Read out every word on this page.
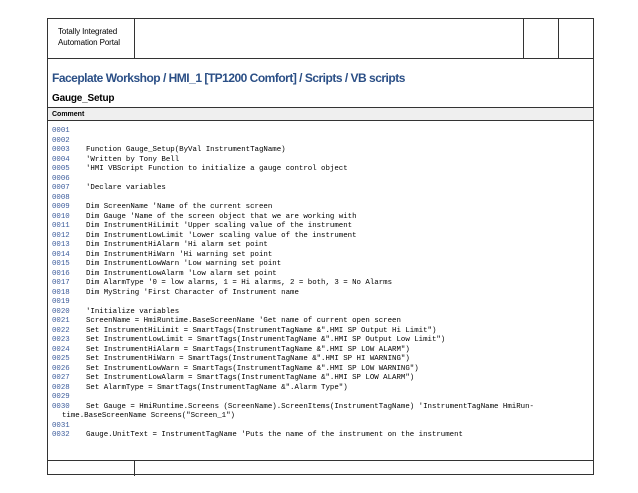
Totally Integrated
Automation Portal
Faceplate Workshop / HMI_1 [TP1200 Comfort] / Scripts / VB scripts
Gauge_Setup
Comment
0001
0002
0003 Function Gauge_Setup(ByVal InstrumentTagName)
0004 'Written by Tony Bell
0005 'HMI VBScript Function to initialize a gauge control object
0006
0007 'Declare variables
0008
0009 Dim ScreenName 'Name of the current screen
0010 Dim Gauge 'Name of the screen object that we are working with
0011 Dim InstrumentHiLimit 'Upper scaling value of the instrument
0012 Dim InstrumentLowLimit 'Lower scaling value of the instrument
0013 Dim InstrumentHiAlarm 'Hi alarm set point
0014 Dim InstrumentHiWarn 'Hi warning set point
0015 Dim InstrumentLowWarn 'Low warning set point
0016 Dim InstrumentLowAlarm 'Low alarm set point
0017 Dim AlarmType '0 = low alarms, 1 = Hi alarms, 2 = both, 3 = No Alarms
0018 Dim MyString 'First Character of Instrument name
0019
0020 'Initialize variables
0021 ScreenName = HmiRuntime.BaseScreenName 'Get name of current open screen
0022 Set InstrumentHiLimit = SmartTags(InstrumentTagName &".HMI SP Output Hi Limit")
0023 Set InstrumentLowLimit = SmartTags(InstrumentTagName &".HMI SP Output Low Limit")
0024 Set InstrumentHiAlarm = SmartTags(InstrumentTagName &".HMI SP LOW ALARM")
0025 Set InstrumentHiWarn = SmartTags(InstrumentTagName &".HMI SP HI WARNING")
0026 Set InstrumentLowWarn = SmartTags(InstrumentTagName &".HMI SP LOW WARNING")
0027 Set InstrumentLowAlarm = SmartTags(InstrumentTagName &".HMI SP LOW ALARM")
0028 Set AlarmType = SmartTags(InstrumentTagName &".Alarm Type")
0029
0030 Set Gauge = HmiRuntime.Screens (ScreenName).ScreenItems(InstrumentTagName) 'InstrumentTagName HmiRun-
time.BaseScreenName Screens("Screen_1")
0031
0032 Gauge.UnitText = InstrumentTagName 'Puts the name of the instrument on the instrument
